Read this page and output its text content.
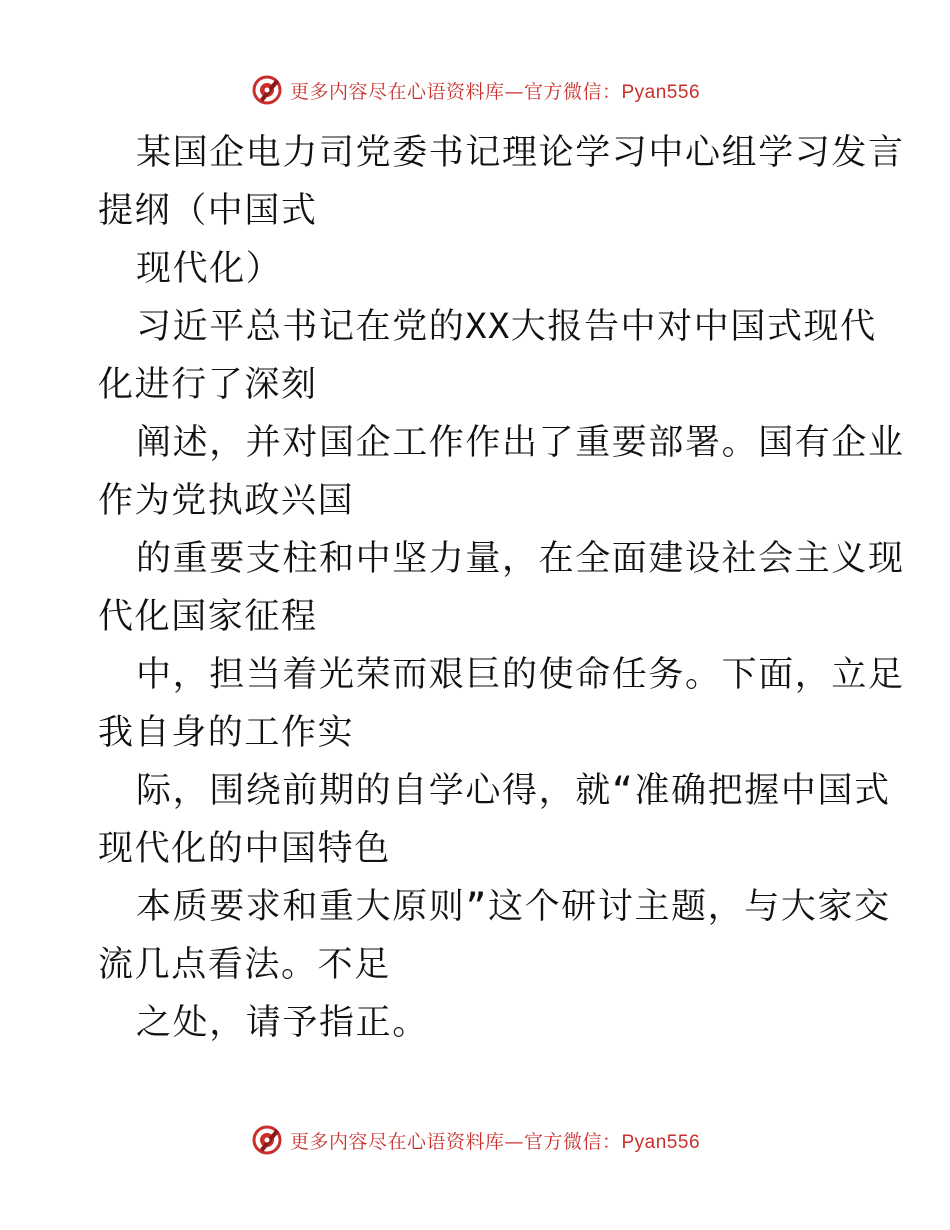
更多内容尽在心语资料库—官方微信：Pyan556
某国企电力司党委书记理论学习中心组学习发言
提纲（中国式
现代化）
习近平总书记在党的XX大报告中对中国式现代
化进行了深刻
阐述，并对国企工作作出了重要部署。国有企业
作为党执政兴国
的重要支柱和中坚力量，在全面建设社会主义现
代化国家征程
中，担当着光荣而艰巨的使命任务。下面，立足
我自身的工作实
际，围绕前期的自学心得，就“准确把握中国式
现代化的中国特色
本质要求和重大原则”这个研讨主题，与大家交
流几点看法。不足
之处，请予指正。
更多内容尽在心语资料库—官方微信：Pyan556
